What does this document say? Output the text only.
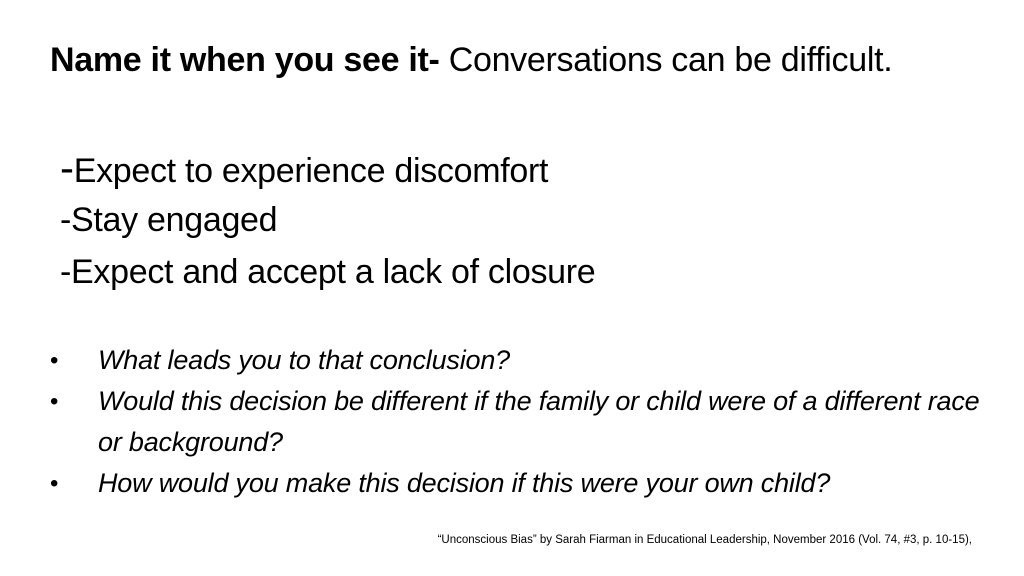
Name it when you see it- Conversations can be difficult.
-Expect to experience discomfort
-Stay engaged
-Expect and accept a lack of closure
• What leads you to that conclusion?
• Would this decision be different if the family or child were of a different race or background?
• How would you make this decision if this were your own child?
“Unconscious Bias” by Sarah Fiarman in Educational Leadership, November 2016 (Vol. 74, #3, p. 10-15),
